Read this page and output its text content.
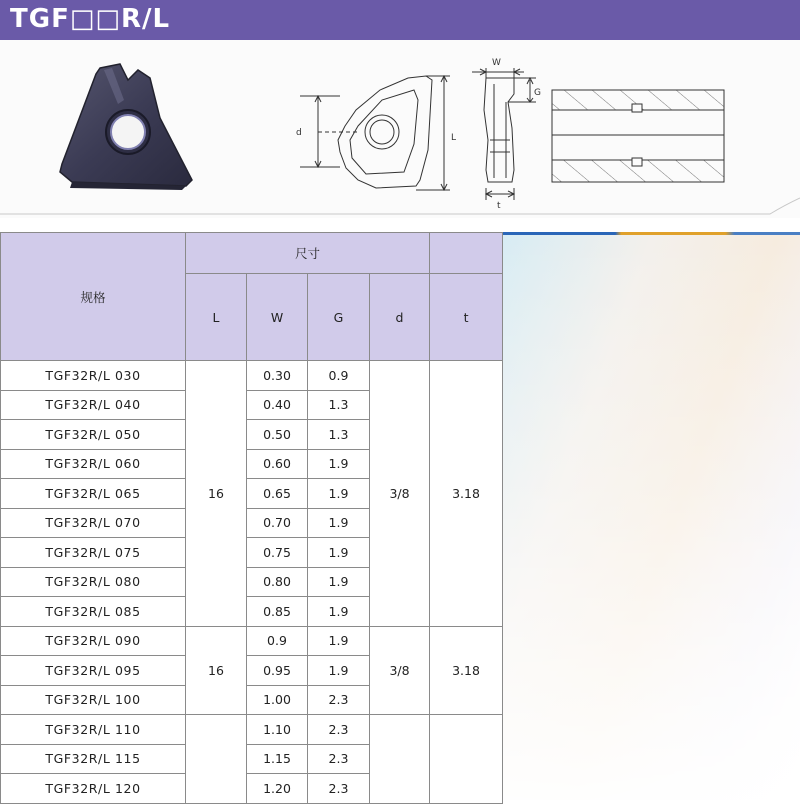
TGF□□R/L
d	L
W
G
t
规格	尺寸				
	L	W	G	d	t
TGF32R/L 030	16	0.30	0.9	3/8	3.18
TGF32R/L 040		0.40	1.3		
TGF32R/L 050		0.50	1.3		
TGF32R/L 060		0.60	1.9		
TGF32R/L 065		0.65	1.9		
TGF32R/L 070		0.70	1.9		
TGF32R/L 075		0.75	1.9		
TGF32R/L 080		0.80	1.9		
TGF32R/L 085		0.85	1.9		
TGF32R/L 090	16	0.9	1.9	3/8	3.18
TGF32R/L 095		0.95	1.9		
TGF32R/L 100		1.00	2.3		
TGF32R/L 110		1.10	2.3		
TGF32R/L 115		1.15	2.3		
TGF32R/L 120		1.20	2.3		
